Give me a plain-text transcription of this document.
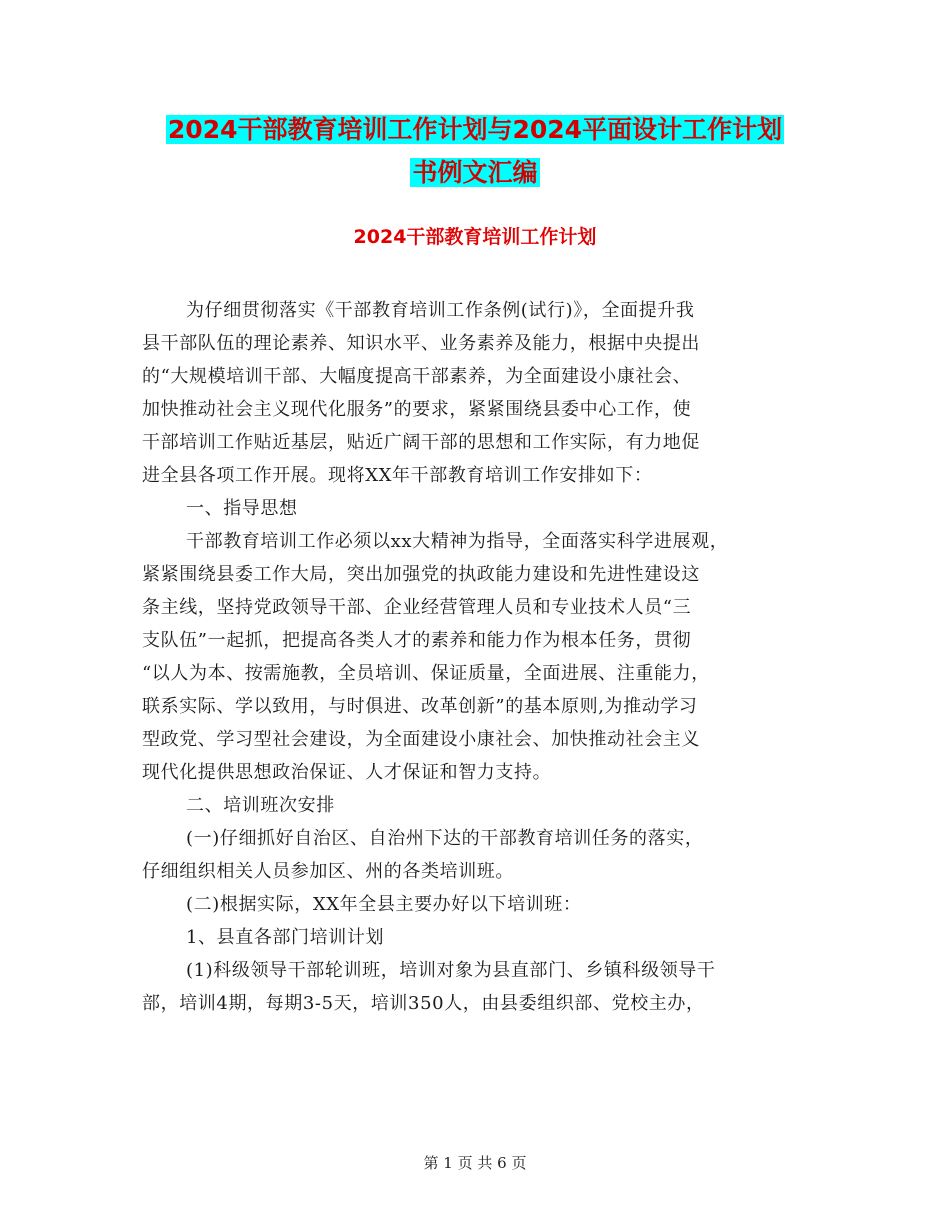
2024干部教育培训工作计划与2024平面设计工作计划
书例文汇编
2024干部教育培训工作计划
为仔细贯彻落实《干部教育培训工作条例(试行)》，全面提升我
县干部队伍的理论素养、知识水平、业务素养及能力，根据中央提出
的“大规模培训干部、大幅度提高干部素养，为全面建设小康社会、
加快推动社会主义现代化服务”的要求，紧紧围绕县委中心工作，使
干部培训工作贴近基层，贴近广阔干部的思想和工作实际，有力地促
进全县各项工作开展。现将XX年干部教育培训工作安排如下：
一、指导思想
干部教育培训工作必须以xx大精神为指导，全面落实科学进展观，
紧紧围绕县委工作大局，突出加强党的执政能力建设和先进性建设这
条主线，坚持党政领导干部、企业经营管理人员和专业技术人员“三
支队伍”一起抓，把提高各类人才的素养和能力作为根本任务，贯彻
“以人为本、按需施教，全员培训、保证质量，全面进展、注重能力，
联系实际、学以致用，与时俱进、改革创新”的基本原则,为推动学习
型政党、学习型社会建设，为全面建设小康社会、加快推动社会主义
现代化提供思想政治保证、人才保证和智力支持。
二、培训班次安排
(一)仔细抓好自治区、自治州下达的干部教育培训任务的落实，
仔细组织相关人员参加区、州的各类培训班。
(二)根据实际，XX年全县主要办好以下培训班：
1、县直各部门培训计划
(1)科级领导干部轮训班，培训对象为县直部门、乡镇科级领导干
部，培训4期，每期3-5天，培训350人，由县委组织部、党校主办，
第 1 页 共 6 页
